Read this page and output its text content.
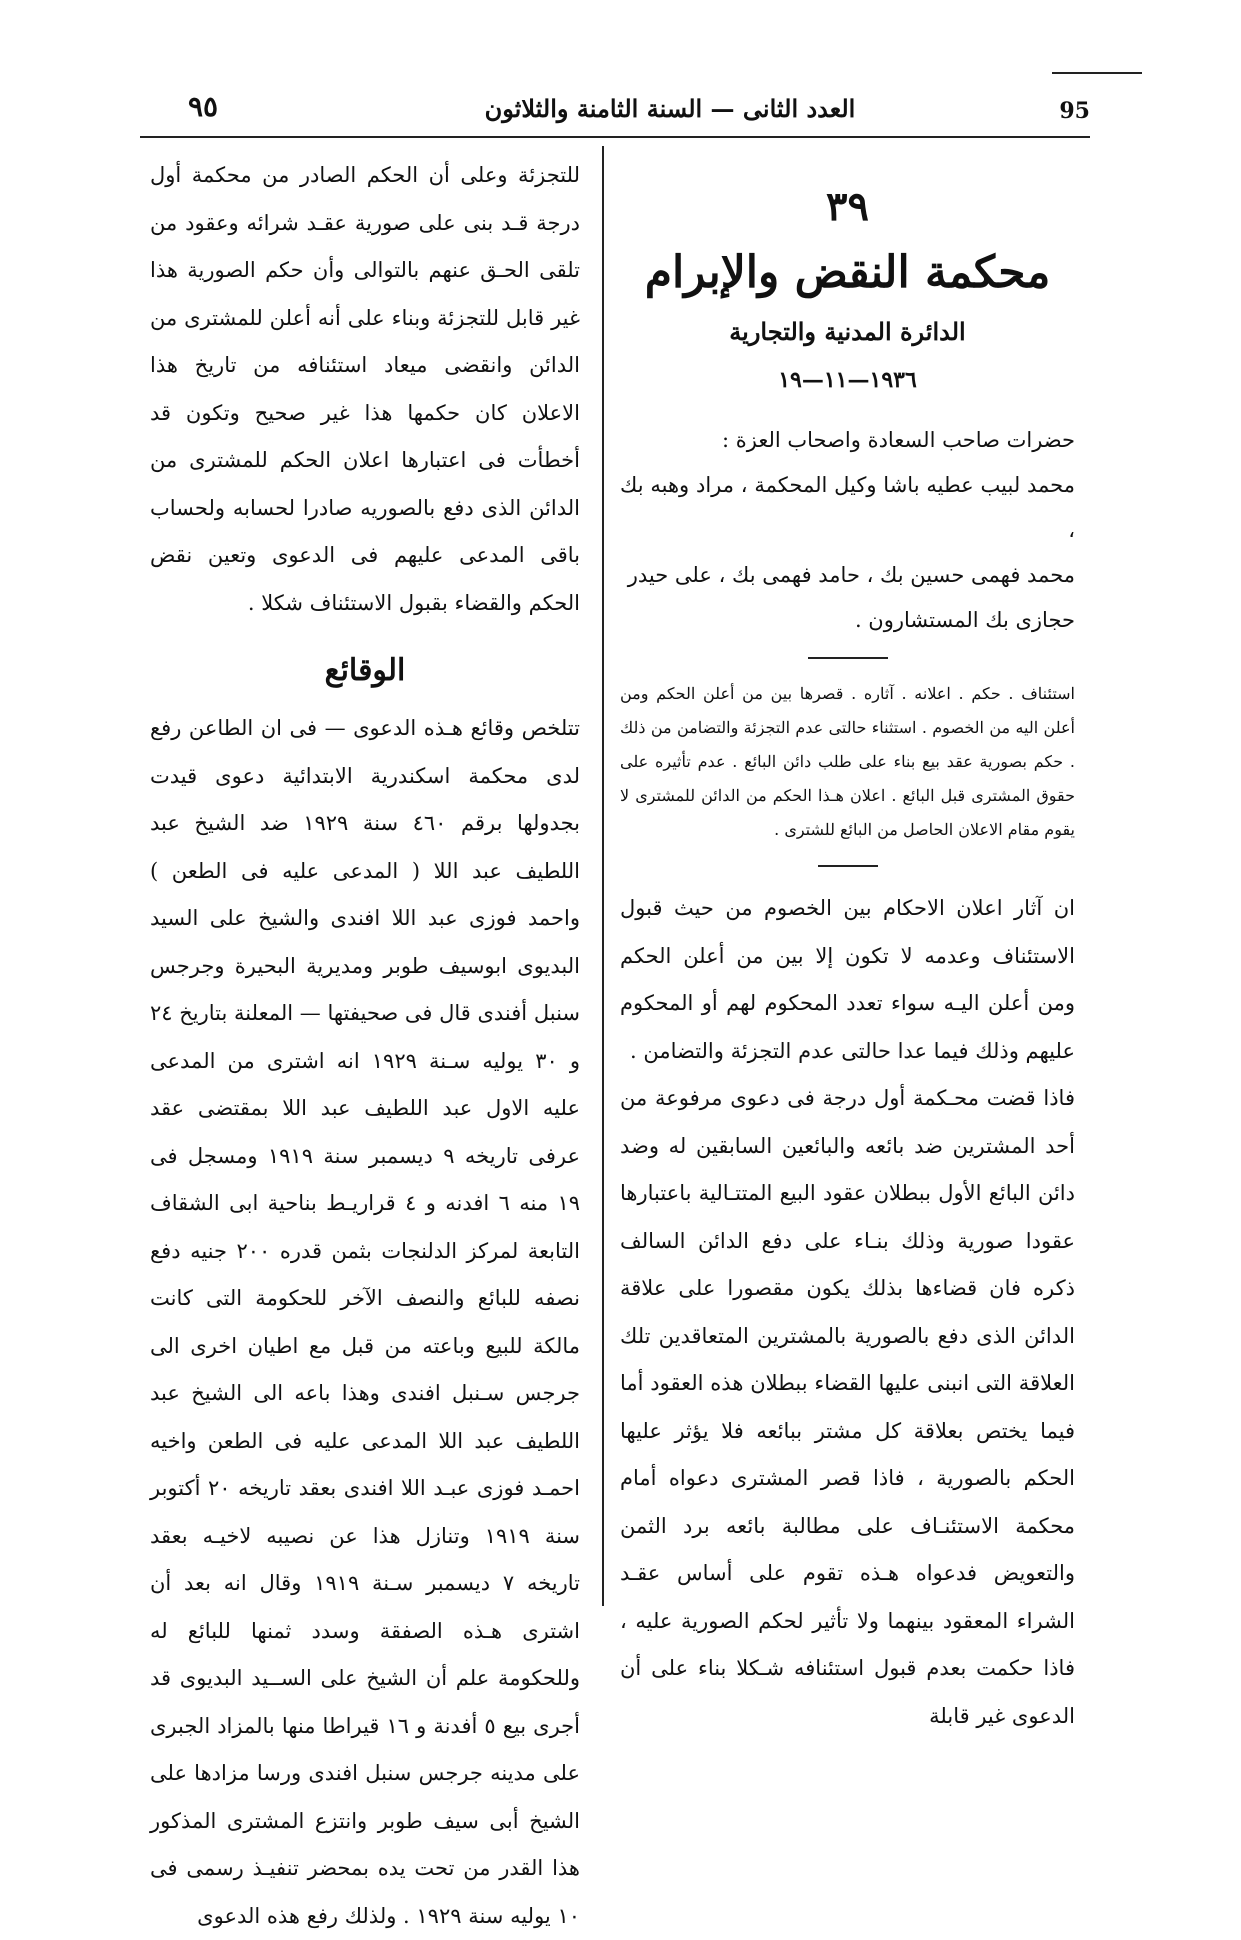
٩٥	العدد الثانى — السنة الثامنة والثلاثون	95

٣٩

محكمة النقض والإبرام

الدائرة المدنية والتجارية

١٩٣٦—١١—١٩

حضرات صاحب السعادة واصحاب العزة :

محمد لبيب عطيه باشا وكيل المحكمة ، مراد وهبه بك ،

محمد فهمى حسين بك ، حامد فهمى بك ، على حيدر

حجازى بك المستشارون .

استئناف . حكم . اعلانه . آثاره . قصرها بين من أعلن الحكم ومن أعلن اليه من الخصوم . استثناء حالتى عدم التجزئة والتضامن من ذلك . حكم بصورية عقد بيع بناء على طلب دائن البائع . عدم تأثيره على حقوق المشترى قبل البائع . اعلان هـذا الحكم من الدائن للمشترى لا يقوم مقام الاعلان الحاصل من البائع للشترى .

ان آثار اعلان الاحكام بين الخصوم من حيث قبول الاستئناف وعدمه لا تكون إلا بين من أعلن الحكم ومن أعلن اليـه سواء تعدد المحكوم لهم أو المحكوم عليهم وذلك فيما عدا حالتى عدم التجزئة والتضامن .

فاذا قضت محـكمة أول درجة فى دعوى مرفوعة من أحد المشترين ضد بائعه والبائعين السابقين له وضد دائن البائع الأول ببطلان عقود البيع المتتـالية باعتبارها عقودا صورية وذلك بنـاء على دفع الدائن السالف ذكره فان قضاءها بذلك يكون مقصورا على علاقة الدائن الذى دفع بالصورية بالمشترين المتعاقدين تلك العلاقة التى انبنى عليها القضاء ببطلان هذه العقود أما فيما يختص بعلاقة كل مشتر ببائعه فلا يؤثر عليها الحكم بالصورية ، فاذا قصر المشترى دعواه أمام محكمة الاستئنـاف على مطالبة بائعه برد الثمن والتعويض فدعواه هـذه تقوم على أساس عقـد الشراء المعقود بينهما ولا تأثير لحكم الصورية عليه ، فاذا حكمت بعدم قبول استئنافه شـكلا بناء على أن الدعوى غير قابلة

للتجزئة وعلى أن الحكم الصادر من محكمة أول درجة قـد بنى على صورية عقـد شرائه وعقود من تلقى الحـق عنهم بالتوالى وأن حكم الصورية هذا غير قابل للتجزئة وبناء على أنه أعلن للمشترى من الدائن وانقضى ميعاد استئنافه من تاريخ هذا الاعلان كان حكمها هذا غير صحيح وتكون قد أخطأت فى اعتبارها اعلان الحكم للمشترى من الدائن الذى دفع بالصوريه صادرا لحسابه ولحساب باقى المدعى عليهم فى الدعوى وتعين نقض الحكم والقضاء بقبول الاستئناف شكلا .

الوقائع

تتلخص وقائع هـذه الدعوى — فى ان الطاعن رفع لدى محكمة اسكندرية الابتدائية دعوى قيدت بجدولها برقم ٤٦٠ سنة ١٩٢٩ ضد الشيخ عبد اللطيف عبد اللا ( المدعى عليه فى الطعن ) واحمد فوزى عبد اللا افندى والشيخ على السيد البديوى ابوسيف طوبر ومديرية البحيرة وجرجس سنبل أفندى قال فى صحيفتها — المعلنة بتاريخ ٢٤ و ٣٠ يوليه سـنة ١٩٢٩ انه اشترى من المدعى عليه الاول عبد اللطيف عبد اللا بمقتضى عقد عرفى تاريخه ٩ ديسمبر سنة ١٩١٩ ومسجل فى ١٩ منه ٦ افدنه و ٤ قراريـط بناحية ابى الشقاف التابعة لمركز الدلنجات بثمن قدره ٢٠٠ جنيه دفع نصفه للبائع والنصف الآخر للحكومة التى كانت مالكة للبيع وباعته من قبل مع اطيان اخرى الى جرجس سـنبل افندى وهذا باعه الى الشيخ عبد اللطيف عبد اللا المدعى عليه فى الطعن واخيه احمـد فوزى عبـد اللا افندى بعقد تاريخه ٢٠ أكتوبر سنة ١٩١٩ وتنازل هذا عن نصيبه لاخيـه بعقد تاريخه ٧ ديسمبر سـنة ١٩١٩ وقال انه بعد أن اشترى هـذه الصفقة وسدد ثمنها للبائع له وللحكومة علم أن الشيخ على الســيد البديوى قد أجرى بيع ٥ أفدنة و ١٦ قيراطا منها بالمزاد الجبرى على مدينه جرجس سنبل افندى ورسا مزادها على الشيخ أبى سيف طوبر وانتزع المشترى المذكور هذا القدر من تحت يده بمحضر تنفيـذ رسمى فى ١٠ يوليه سنة ١٩٢٩ . ولذلك رفع هذه الدعوى
